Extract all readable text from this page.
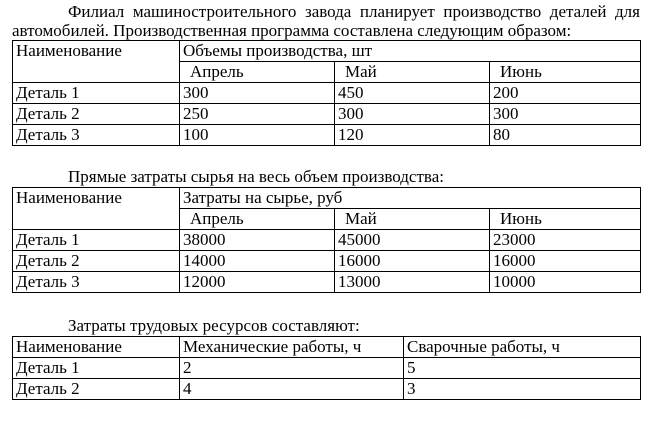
Филиал машиностроительного завода планирует производство деталей для автомобилей. Производственная программа составлена следующим образом:

Наименование	Объемы производства, шт		
	Апрель	Май	Июнь
Деталь 1	300	450	200
Деталь 2	250	300	300
Деталь 3	100	120	80

Прямые затраты сырья на весь объем производства:

Наименование	Затраты на сырье, руб		
	Апрель	Май	Июнь
Деталь 1	38000	45000	23000
Деталь 2	14000	16000	16000
Деталь 3	12000	13000	10000

Затраты трудовых ресурсов составляют:

Наименование	Механические работы, ч	Сварочные работы, ч
Деталь 1	2	5
Деталь 2	4	3
